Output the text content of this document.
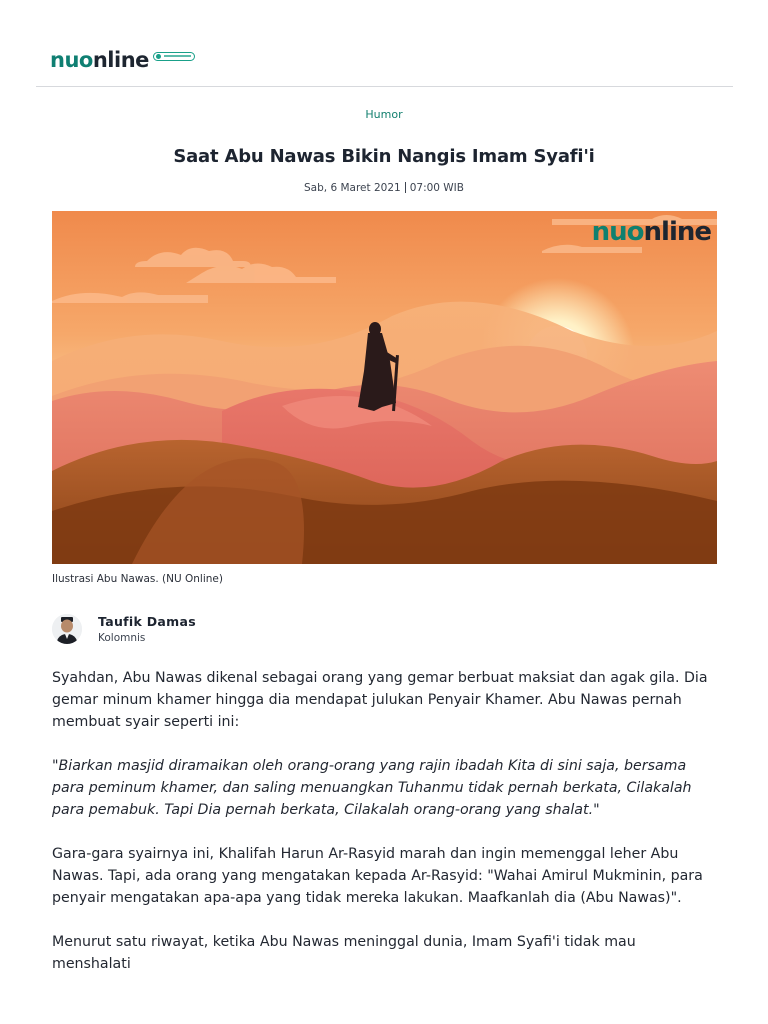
nuonline
Humor
Saat Abu Nawas Bikin Nangis Imam Syafi'i
Sab, 6 Maret 2021 07:00 WIB
nuonline
Ilustrasi Abu Nawas. (NU Online)
Taufik Damas
Kolomnis

Syahdan, Abu Nawas dikenal sebagai orang yang gemar berbuat maksiat dan agak gila. Dia gemar minum khamer hingga dia mendapat julukan Penyair Khamer. Abu Nawas pernah membuat syair seperti ini:

"Biarkan masjid diramaikan oleh orang-orang yang rajin ibadah Kita di sini saja, bersama para peminum khamer, dan saling menuangkan Tuhanmu tidak pernah berkata, Cilakalah para pemabuk. Tapi Dia pernah berkata, Cilakalah orang-orang yang shalat."

Gara-gara syairnya ini, Khalifah Harun Ar-Rasyid marah dan ingin memenggal leher Abu Nawas. Tapi, ada orang yang mengatakan kepada Ar-Rasyid: "Wahai Amirul Mukminin, para penyair mengatakan apa-apa yang tidak mereka lakukan. Maafkanlah dia (Abu Nawas)".

Menurut satu riwayat, ketika Abu Nawas meninggal dunia, Imam Syafi'i tidak mau menshalati
